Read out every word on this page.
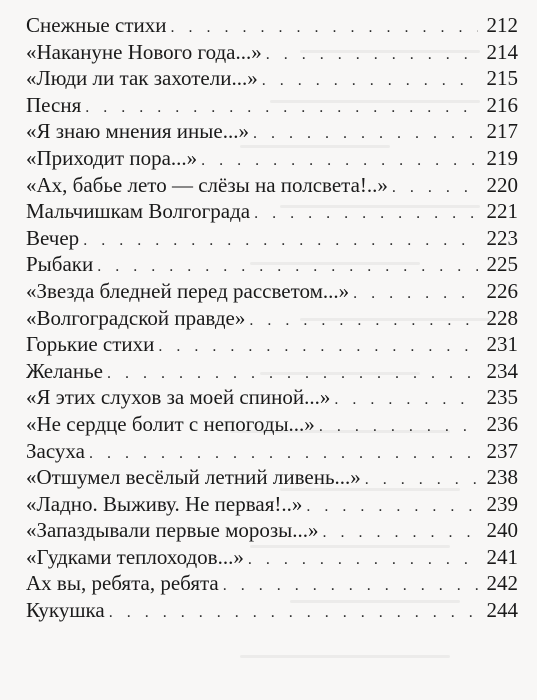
Снежные стихи . . .	212
«Накануне Нового года...» . . .	214
«Люди ли так захотели...» . . .	215
Песня . . .	216
«Я знаю мнения иные...» . . .	217
«Приходит пора...» . . .	219
«Ах, бабье лето — слёзы на полсвета!..» . . .	220
Мальчишкам Волгограда . . .	221
Вечер . . .	223
Рыбаки . . .	225
«Звезда бледней перед рассветом...» . . .	226
«Волгоградской правде» . . .	228
Горькие стихи . . .	231
Желанье . . .	234
«Я этих слухов за моей спиной...» . . .	235
«Не сердце болит с непогоды...» . . .	236
Засуха . . .	237
«Отшумел весёлый летний ливень...» . . .	238
«Ладно. Выживу. Не первая!..» . . .	239
«Запаздывали первые морозы...» . . .	240
«Гудками теплоходов...» . . .	241
Ах вы, ребята, ребята . . .	242
Кукушка . . .	244
